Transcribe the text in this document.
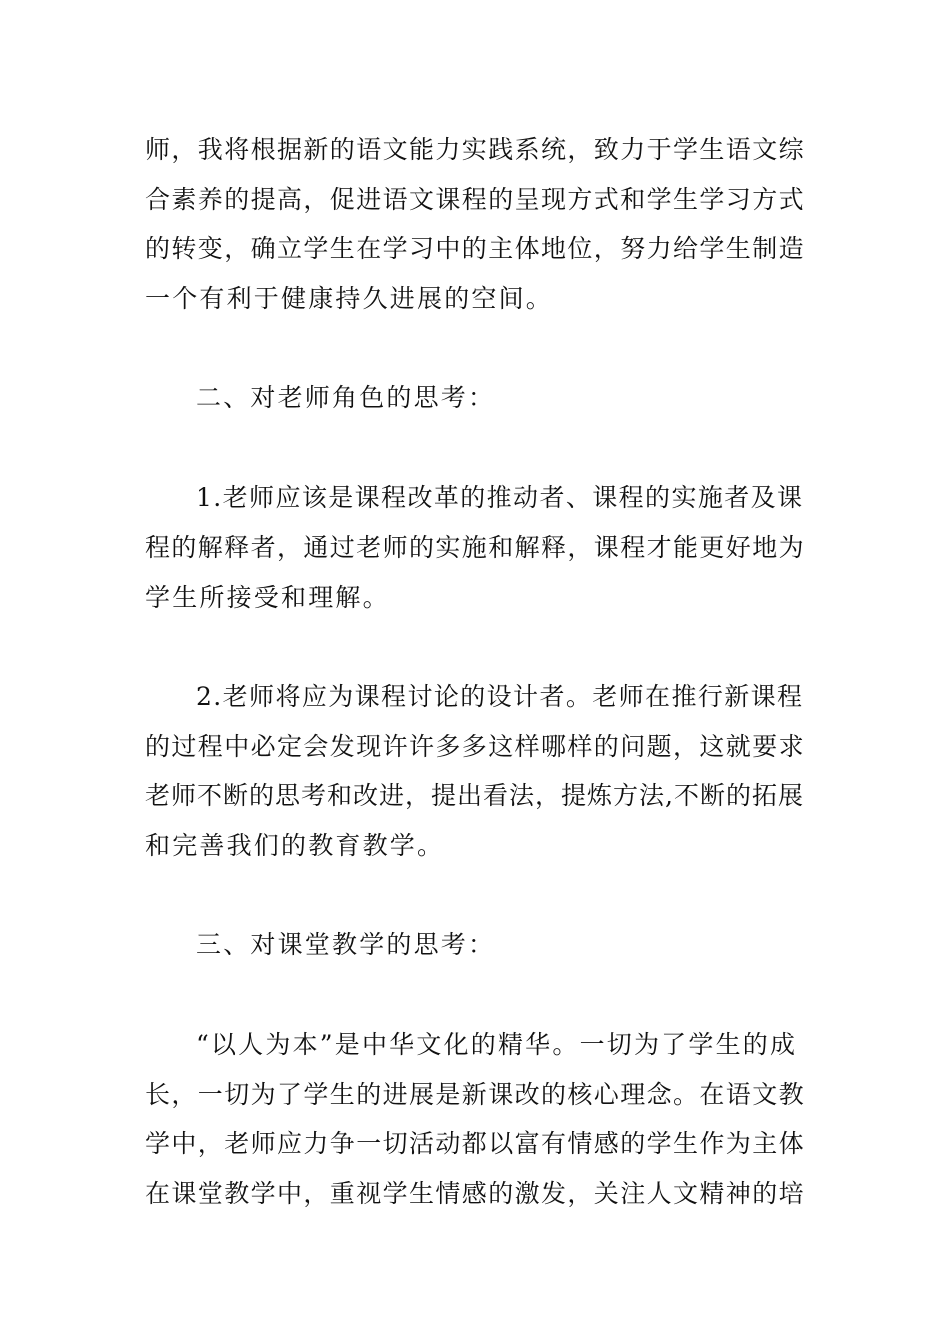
师，我将根据新的语文能力实践系统，致力于学生语文综
合素养的提高，促进语文课程的呈现方式和学生学习方式
的转变，确立学生在学习中的主体地位，努力给学生制造
一个有利于健康持久进展的空间。
二、对老师角色的思考：
1.老师应该是课程改革的推动者、课程的实施者及课
程的解释者，通过老师的实施和解释，课程才能更好地为
学生所接受和理解。
2.老师将应为课程讨论的设计者。老师在推行新课程
的过程中必定会发现许许多多这样哪样的问题，这就要求
老师不断的思考和改进，提出看法，提炼方法,不断的拓展
和完善我们的教育教学。
三、对课堂教学的思考：
“以人为本”是中华文化的精华。一切为了学生的成
长，一切为了学生的进展是新课改的核心理念。在语文教
学中，老师应力争一切活动都以富有情感的学生作为主体
在课堂教学中，重视学生情感的激发，关注人文精神的培
